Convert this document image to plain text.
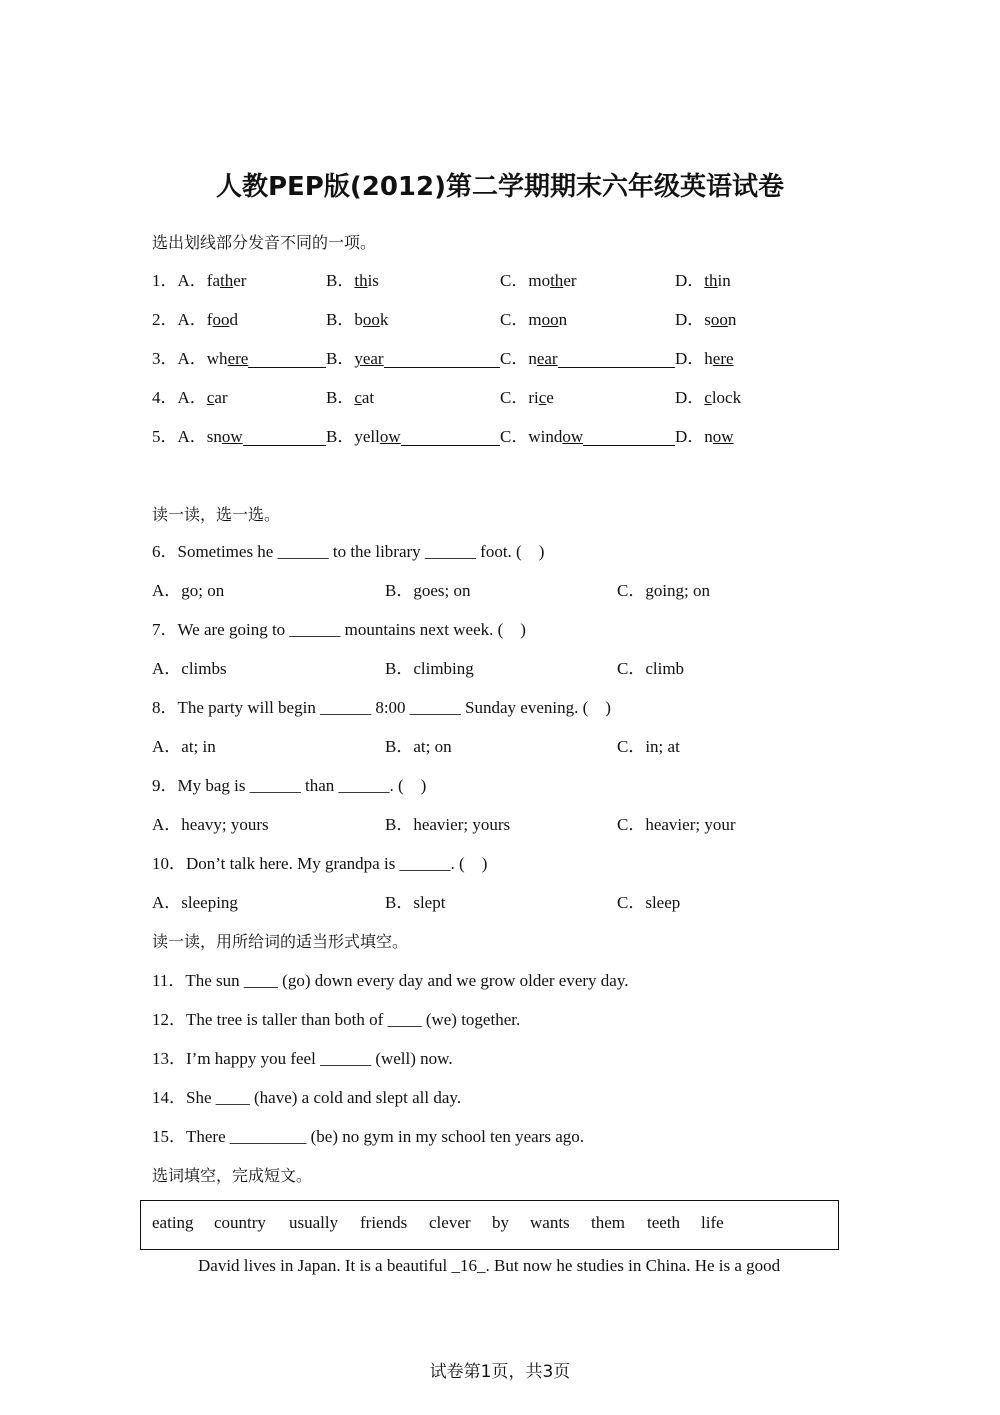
人教PEP版(2012)第二学期期末六年级英语试卷
选出划线部分发音不同的一项。
1．A．father	B．this	C．mother	D．thin
2．A．food	B．book	C．moon	D．soon
3．A．where	B．year	C．near	D．here
4．A．car	B．cat	C．rice	D．clock
5．A．snow	B．yellow	C．window	D．now
读一读，选一选。
6．Sometimes he ______ to the library ______ foot. (　)
A．go; on	B．goes; on	C．going; on
7．We are going to ______ mountains next week. (　)
A．climbs	B．climbing	C．climb
8．The party will begin ______ 8:00 ______ Sunday evening. (　)
A．at; in	B．at; on	C．in; at
9．My bag is ______ than ______. (　)
A．heavy; yours	B．heavier; yours	C．heavier; your
10．Don’t talk here. My grandpa is ______. (　)
A．sleeping	B．slept	C．sleep
读一读，用所给词的适当形式填空。
11．The sun ____ (go) down every day and we grow older every day.
12．The tree is taller than both of ____ (we) together.
13．I’m happy you feel ______ (well) now.
14．She ____ (have) a cold and slept all day.
15．There _________ (be) no gym in my school ten years ago.
选词填空，完成短文。
eating country usually friends clever by wants them teeth life
David lives in Japan. It is a beautiful _16_. But now he studies in China. He is a good
试卷第1页，共3页
